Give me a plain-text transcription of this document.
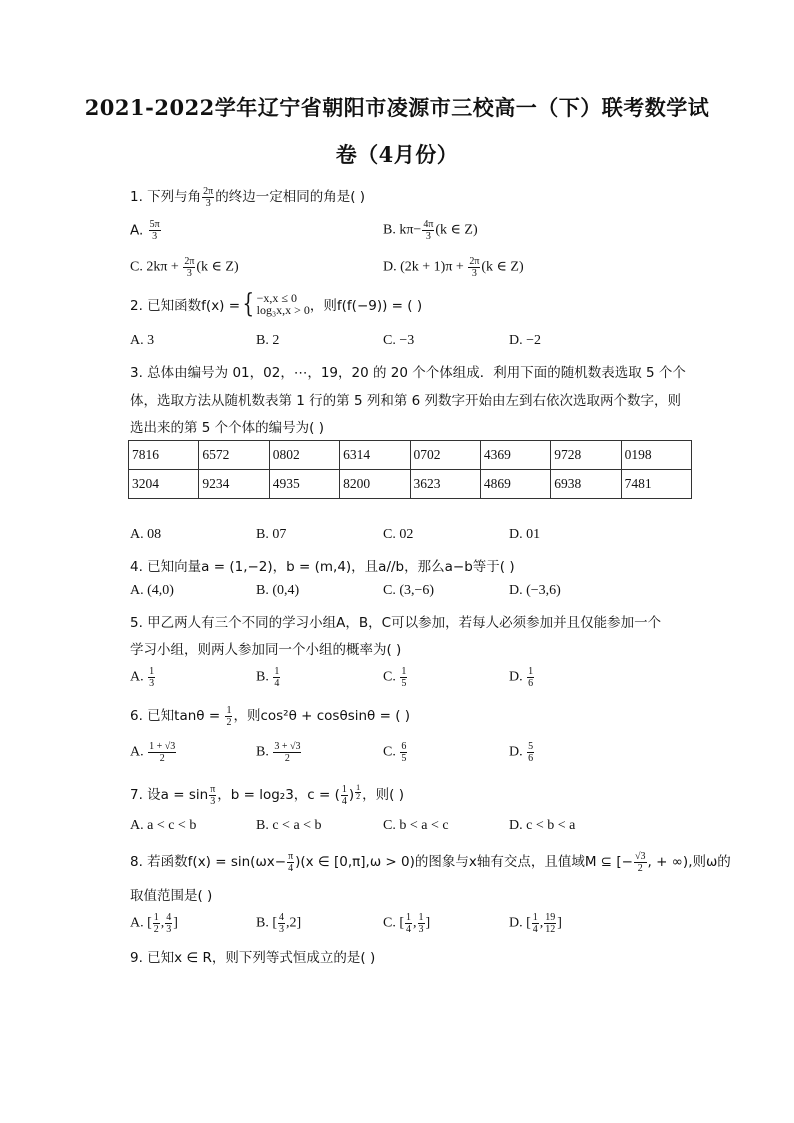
2021-2022学年辽宁省朝阳市凌源市三校高一（下）联考数学试
卷（4月份）
1. 下列与角 $\frac{2\pi}{3}$ 的终边一定相同的角是( )
A. $\frac{5\pi}{3}$	B. $k\pi- \frac{4\pi}{3} (k$ ∈ Z)
C. $2k\pi + \frac{2\pi}{3} (k$ ∈ Z)	D. $(2k + 1)\pi + \frac{2\pi}{3} (k$ ∈ Z)
2. 已知函数f(x) = { −x,x ≤ 0
log₃x,x > 0 ，则f(f(−9)) = ( )
A. 3	B. 2	C. −3	D. −2
3. 总体由编号为 01，02，⋯，19，20 的 20 个个体组成．利用下面的随机数表选取 5 个个
体，选取方法从随机数表第 1 行的第 5 列和第 6 列数字开始由左到右依次选取两个数字，则
选出来的第 5 个个体的编号为( )
7816	6572	0802	6314	0702	4369	9728	0198
3204	9234	4935	8200	3623	4869	6938	7481
A. 08	B. 07	C. 02	D. 01
4. 已知向量a = (1,−2)，b = (m,4)，且a//b，那么a−b等于( )
A. (4,0)	B. (0,4)	C. (3,−6)	D. (−3,6)
5. 甲乙两人有三个不同的学习小组A，B，C可以参加，若每人必须参加并且仅能参加一个
学习小组，则两人参加同一个小组的概率为( )
A. $\frac{1}{3}$	B. $\frac{1}{4}$	C. $\frac{1}{5}$	D. $\frac{1}{6}$
6. 已知$\tan\theta = \frac{1}{2}$ ，则cos²θ + cosθsinθ = ( )
A. $\frac{1 + √3}{2}$	B. $\frac{3 + √3}{2}$	C. $\frac{6}{5}$	D. $\frac{5}{6}$
7. 设$a = \sin \frac{\pi}{3}$ ，b = log₂3，c = ( $\frac{1}{4}$ ) $\frac{1}{2}$ ，则( )
A. a < c < b	B. c < a < b	C. b < a < c	D. c < b < a
8. 若函数$f(x) = \sin(\omega x- \frac{\pi}{4} )(x$ ∈ [0,π],ω > 0)的图象与x轴有交点，且值域M ⊆ [− $\frac{√3}{2}$ , + ∞),则ω的
取值范围是( )
A. [ $\frac{1}{2}$ , $\frac{4}{3}$ ]	B. [ $\frac{4}{3} ,2$]	C. [ $\frac{1}{4}$ , $\frac{1}{3}$ ]	D. [ $\frac{1}{4}$ , $\frac{19}{12}$ ]
9. 已知x ∈ R，则下列等式恒成立的是( )
